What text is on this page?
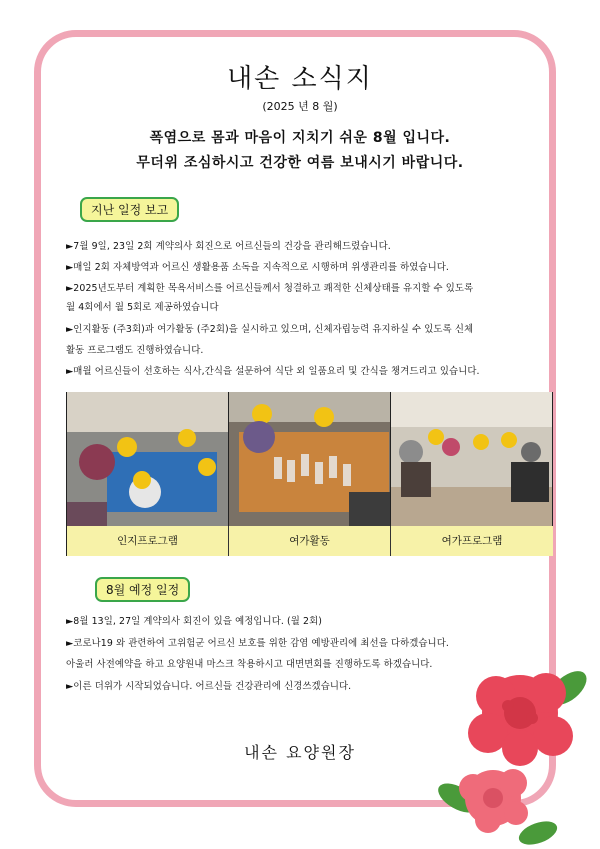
내손 소식지
(2025 년 8 월)
폭염으로 몸과 마음이 지치기 쉬운 8월 입니다.
무더위 조심하시고 건강한 여름 보내시기 바랍니다.
지난 일정 보고
►7월 9일, 23일 2회 계약의사 회진으로 어르신들의 건강을 관리해드렸습니다.
►매일 2회 자체방역과 어르신 생활용품 소독을 지속적으로 시행하며 위생관리를 하였습니다.
►2025년도부터 계획한 목욕서비스를 어르신들께서 청결하고 쾌적한 신체상태를 유지할 수 있도록
월 4회에서 월 5회로 제공하였습니다
►인지활동 (주3회)과 여가활동 (주2회)을 실시하고 있으며, 신체자립능력 유지하실 수 있도록 신체
활동 프로그램도 진행하였습니다.
►매월 어르신들이 선호하는 식사,간식을 설문하여 식단 외 일품요리 및 간식을 챙겨드리고 있습니다.
인지프로그램	여가활동	여가프로그램
8월 예정 일정
►8월 13일, 27일 계약의사 회진이 있을 예정입니다. (월 2회)
►코로나19 와 관련하여 고위험군 어르신 보호를 위한 감염 예방관리에 최선을 다하겠습니다.
아울러 사전예약을 하고 요양원내 마스크 착용하시고 대면면회를 진행하도록 하겠습니다.
►이른 더위가 시작되었습니다. 어르신들 건강관리에 신경쓰겠습니다.
내손 요양원장
